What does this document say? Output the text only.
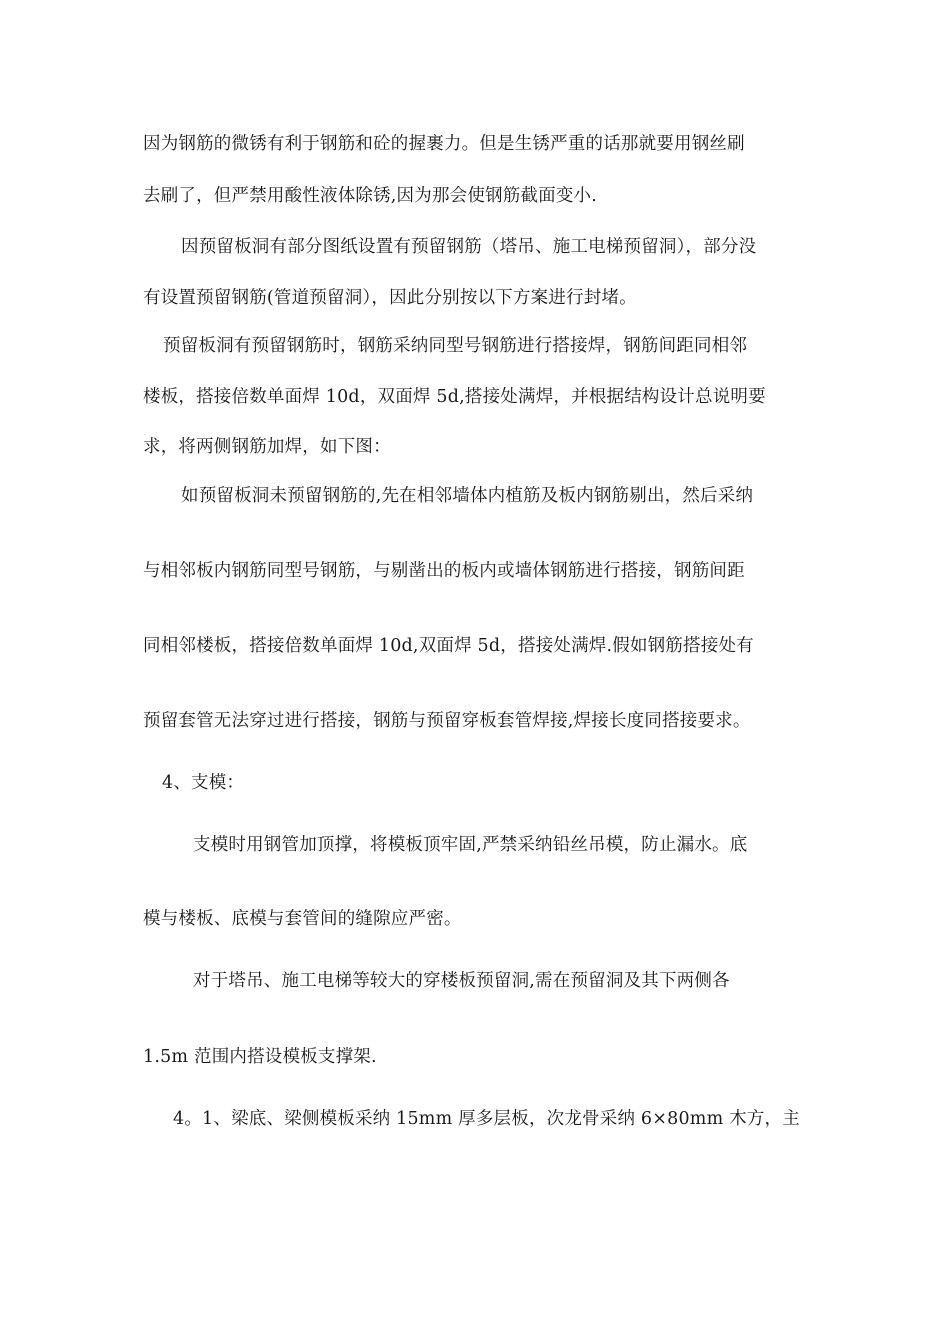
因为钢筋的微锈有利于钢筋和砼的握裹力。但是生锈严重的话那就要用钢丝刷
去刷了，但严禁用酸性液体除锈,因为那会使钢筋截面变小.
因预留板洞有部分图纸设置有预留钢筋（塔吊、施工电梯预留洞），部分没
有设置预留钢筋(管道预留洞），因此分别按以下方案进行封堵。
预留板洞有预留钢筋时，钢筋采纳同型号钢筋进行搭接焊，钢筋间距同相邻
楼板，搭接倍数单面焊 10d，双面焊 5d,搭接处满焊，并根据结构设计总说明要
求，将两侧钢筋加焊，如下图：
如预留板洞未预留钢筋的,先在相邻墙体内植筋及板内钢筋剔出，然后采纳
与相邻板内钢筋同型号钢筋，与剔凿出的板内或墙体钢筋进行搭接，钢筋间距
同相邻楼板，搭接倍数单面焊 10d,双面焊 5d，搭接处满焊.假如钢筋搭接处有
预留套管无法穿过进行搭接，钢筋与预留穿板套管焊接,焊接长度同搭接要求。
4、支模：
支模时用钢管加顶撑，将模板顶牢固,严禁采纳铅丝吊模，防止漏水。底
模与楼板、底模与套管间的缝隙应严密。
对于塔吊、施工电梯等较大的穿楼板预留洞,需在预留洞及其下两侧各
1.5m 范围内搭设模板支撑架.
4。1、梁底、梁侧模板采纳 15mm 厚多层板，次龙骨采纳 6×80mm 木方，主
